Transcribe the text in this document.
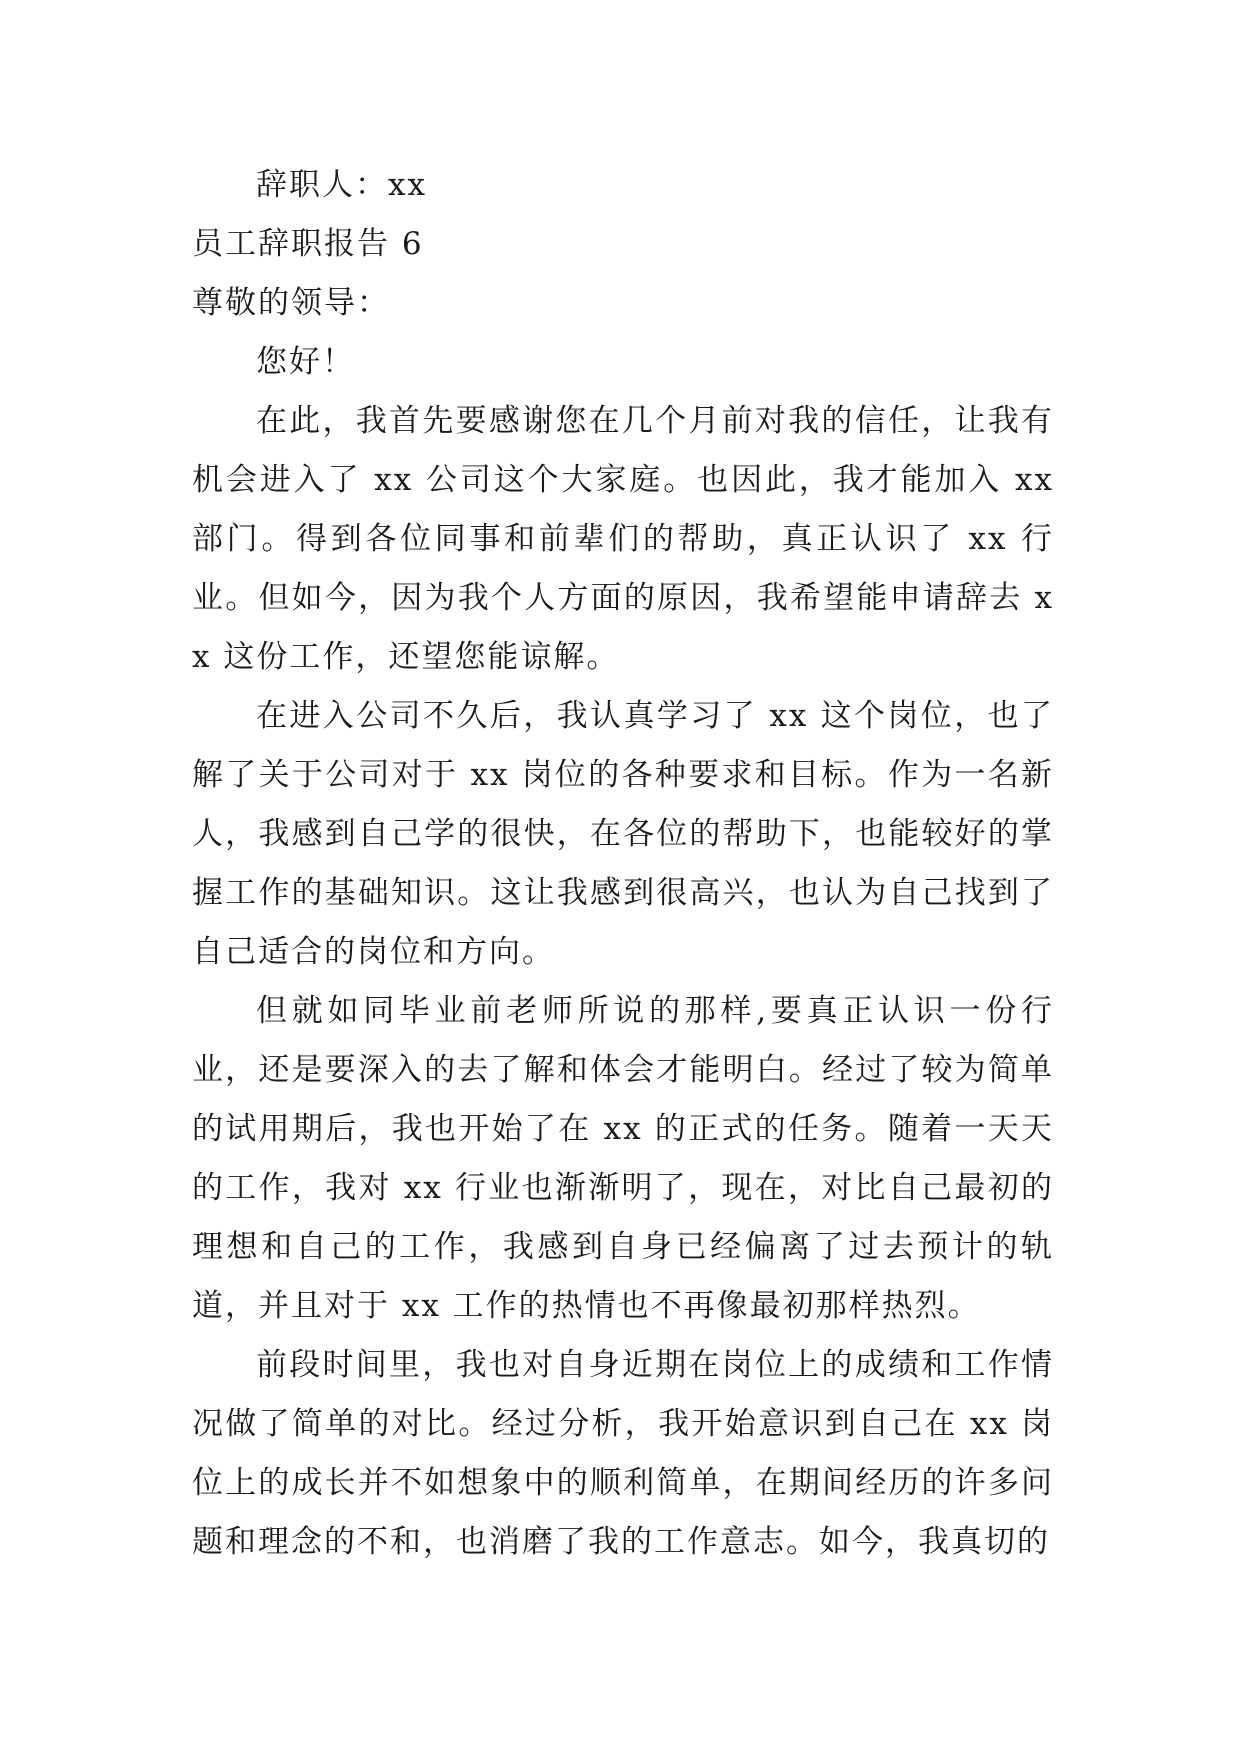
辞职人：xx

员工辞职报告 6

尊敬的领导：

您好！

在此，我首先要感谢您在几个月前对我的信任，让我有机会进入了 xx 公司这个大家庭。也因此，我才能加入 xx 部门。得到各位同事和前辈们的帮助，真正认识了 xx 行业。但如今，因为我个人方面的原因，我希望能申请辞去 xx 这份工作，还望您能谅解。

在进入公司不久后，我认真学习了 xx 这个岗位，也了解了关于公司对于 xx 岗位的各种要求和目标。作为一名新人，我感到自己学的很快，在各位的帮助下，也能较好的掌握工作的基础知识。这让我感到很高兴，也认为自己找到了自己适合的岗位和方向。

但就如同毕业前老师所说的那样,要真正认识一份行业，还是要深入的去了解和体会才能明白。经过了较为简单的试用期后，我也开始了在 xx 的正式的任务。随着一天天的工作，我对 xx 行业也渐渐明了，现在，对比自己最初的理想和自己的工作，我感到自身已经偏离了过去预计的轨道，并且对于 xx 工作的热情也不再像最初那样热烈。

前段时间里，我也对自身近期在岗位上的成绩和工作情况做了简单的对比。经过分析，我开始意识到自己在 xx 岗位上的成长并不如想象中的顺利简单，在期间经历的许多问题和理念的不和，也消磨了我的工作意志。如今，我真切的
